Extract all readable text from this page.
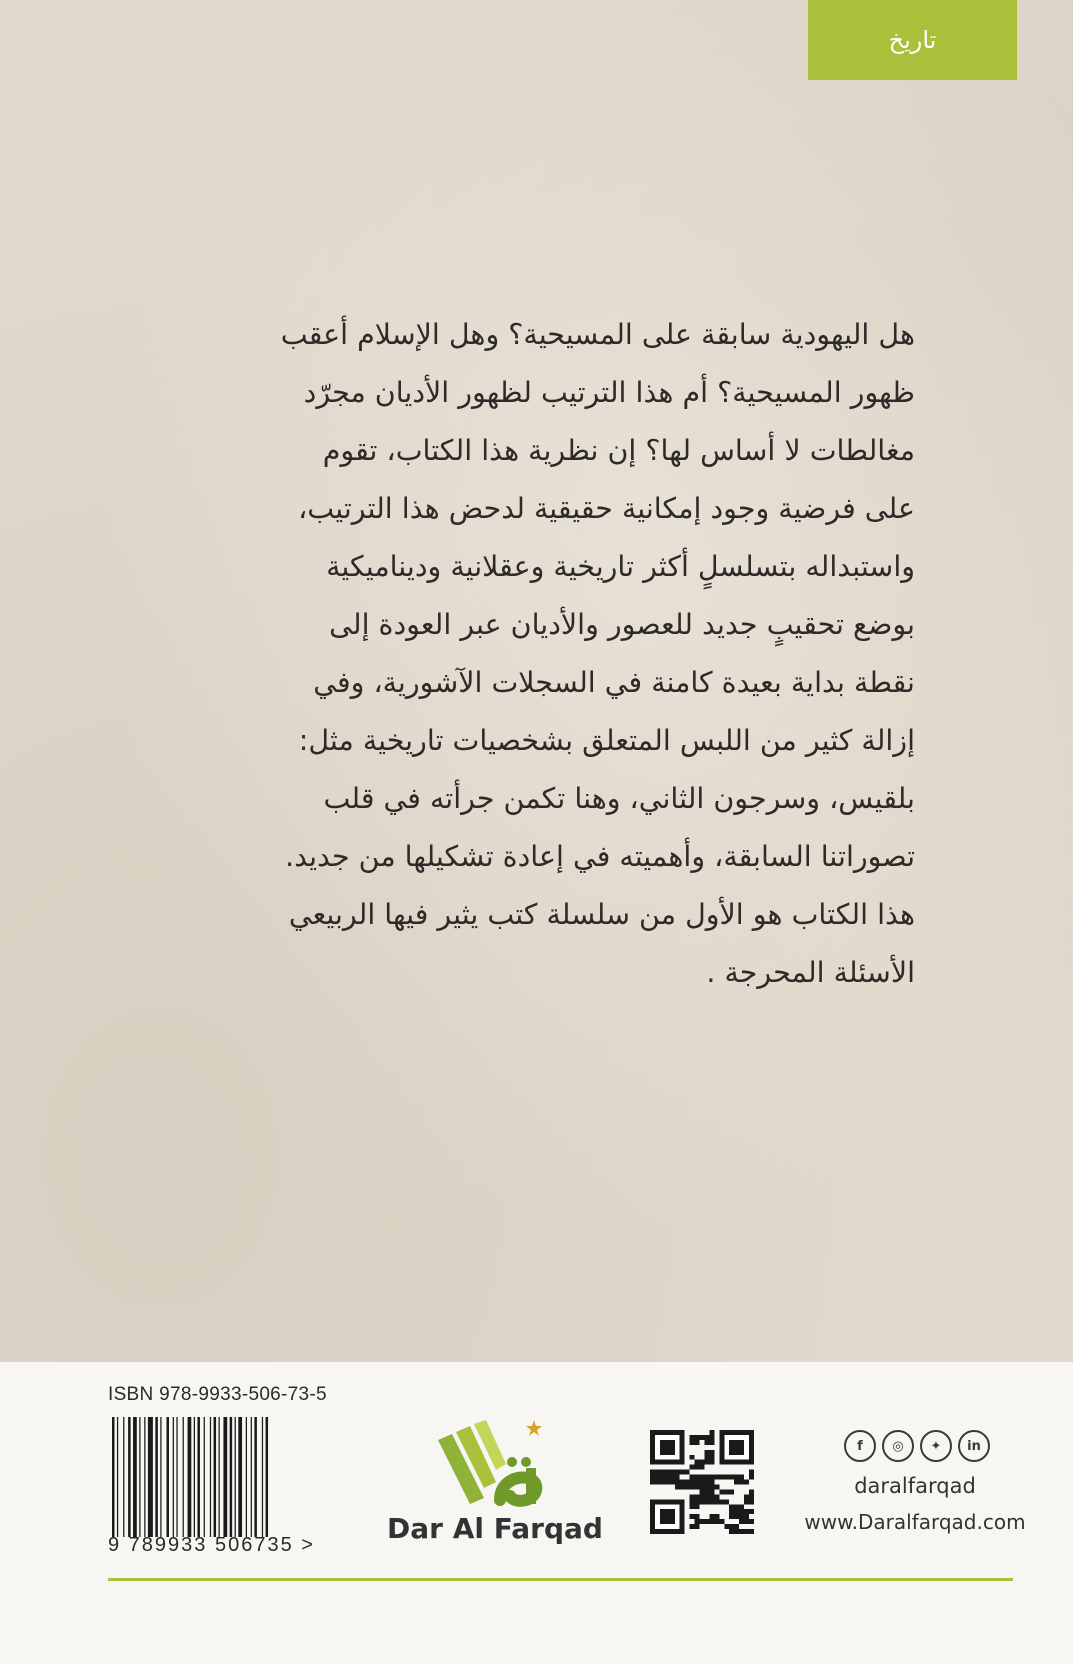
تاريخ
هل اليهودية سابقة على المسيحية؟ وهل الإسلام أعقب
ظهور المسيحية؟ أم هذا الترتيب لظهور الأديان مجرّد
مغالطات لا أساس لها؟ إن نظرية هذا الكتاب، تقوم
على فرضية وجود إمكانية حقيقية لدحض هذا الترتيب،
واستبداله بتسلسلٍ أكثر تاريخية وعقلانية وديناميكية
بوضع تحقيبٍ جديد للعصور والأديان عبر العودة إلى
نقطة بداية بعيدة كامنة في السجلات الآشورية، وفي
إزالة كثير من اللبس المتعلق بشخصيات تاريخية مثل:
بلقيس، وسرجون الثاني، وهنا تكمن جرأته في قلب
تصوراتنا السابقة، وأهميته في إعادة تشكيلها من جديد.
هذا الكتاب هو الأول من سلسلة كتب يثير فيها الربيعي
الأسئلة المحرجة .
ISBN 978-9933-506-73-5
9 789933 506735 >	Dar Al Farqad
f	◎	✦	in
daralfarqad
www.Daralfarqad.com
